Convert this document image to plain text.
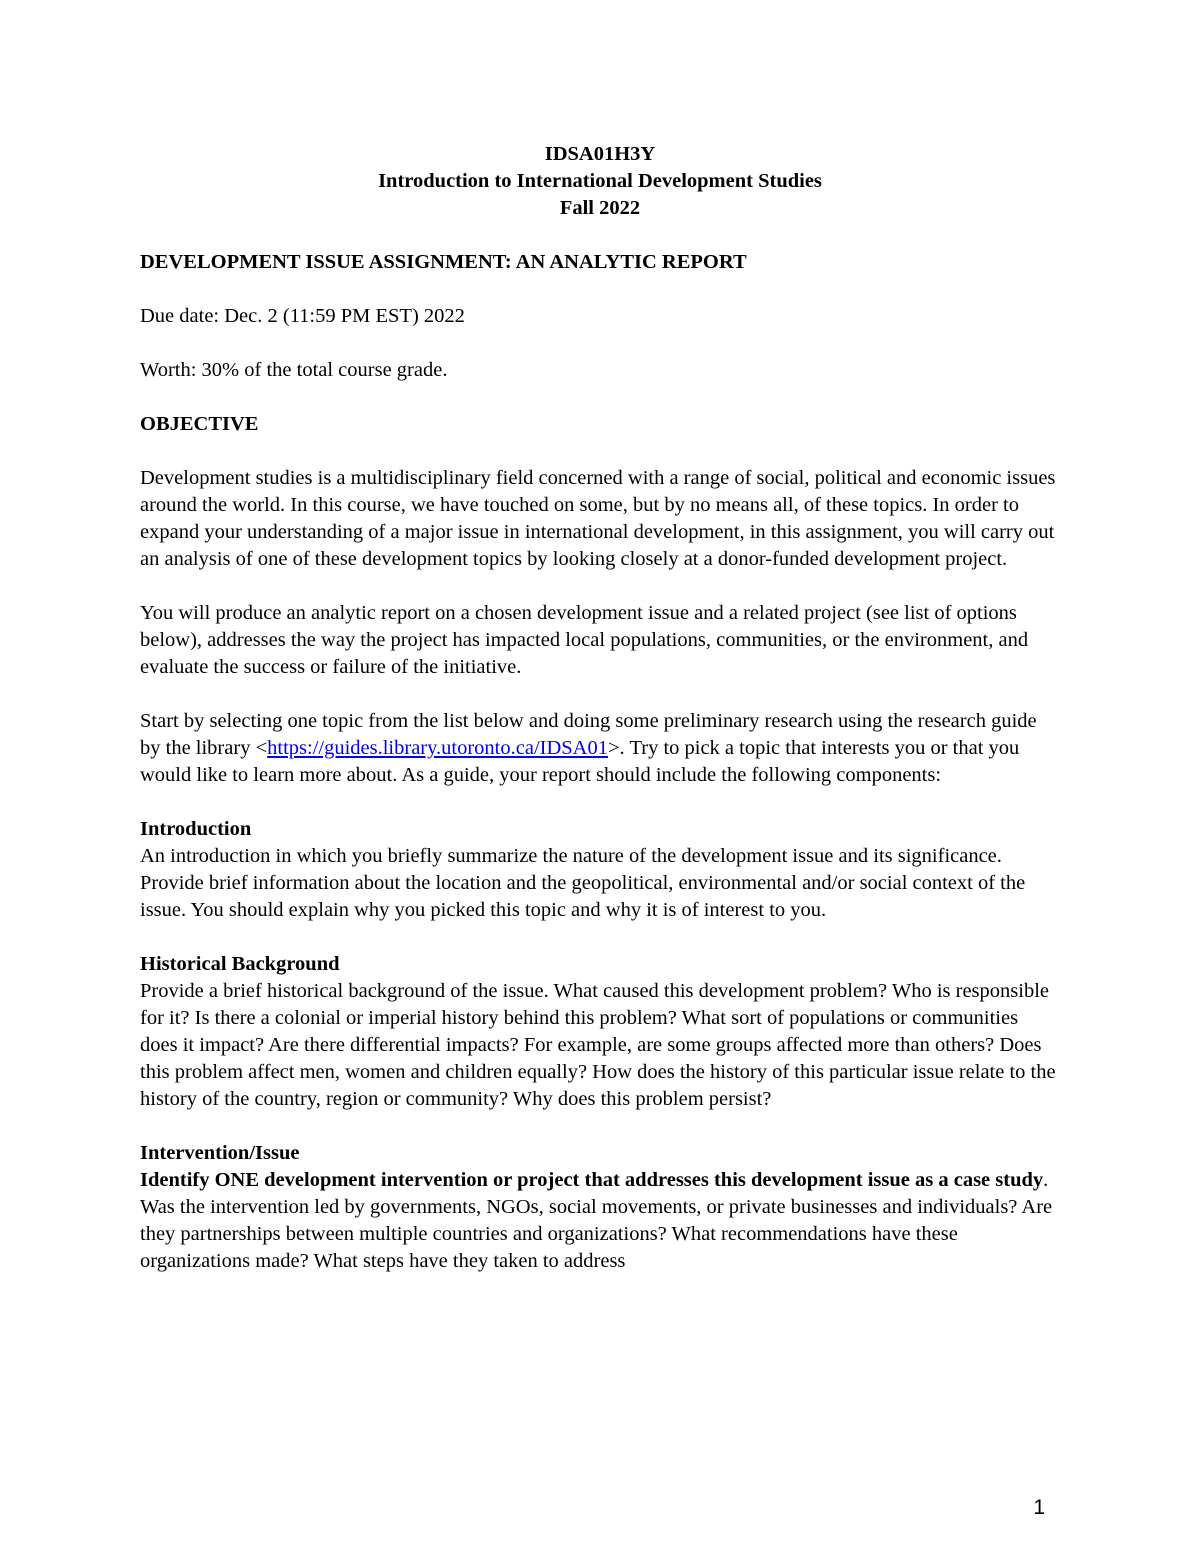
IDSA01H3Y

Introduction to International Development Studies

Fall 2022

DEVELOPMENT ISSUE ASSIGNMENT: AN ANALYTIC REPORT

Due date: Dec. 2 (11:59 PM EST) 2022

Worth: 30% of the total course grade.

OBJECTIVE

Development studies is a multidisciplinary field concerned with a range of social, political and economic issues around the world. In this course, we have touched on some, but by no means all, of these topics. In order to expand your understanding of a major issue in international development, in this assignment, you will carry out an analysis of one of these development topics by looking closely at a donor-funded development project.

You will produce an analytic report on a chosen development issue and a related project (see list of options below), addresses the way the project has impacted local populations, communities, or the environment, and evaluate the success or failure of the initiative.

Start by selecting one topic from the list below and doing some preliminary research using the research guide by the library <https://guides.library.utoronto.ca/IDSA01>. Try to pick a topic that interests you or that you would like to learn more about. As a guide, your report should include the following components:

Introduction

An introduction in which you briefly summarize the nature of the development issue and its significance. Provide brief information about the location and the geopolitical, environmental and/or social context of the issue. You should explain why you picked this topic and why it is of interest to you.

Historical Background

Provide a brief historical background of the issue. What caused this development problem? Who is responsible for it? Is there a colonial or imperial history behind this problem? What sort of populations or communities does it impact? Are there differential impacts? For example, are some groups affected more than others? Does this problem affect men, women and children equally? How does the history of this particular issue relate to the history of the country, region or community? Why does this problem persist?

Intervention/Issue

Identify ONE development intervention or project that addresses this development issue as a case study. Was the intervention led by governments, NGOs, social movements, or private businesses and individuals? Are they partnerships between multiple countries and organizations? What recommendations have these organizations made? What steps have they taken to address

1
